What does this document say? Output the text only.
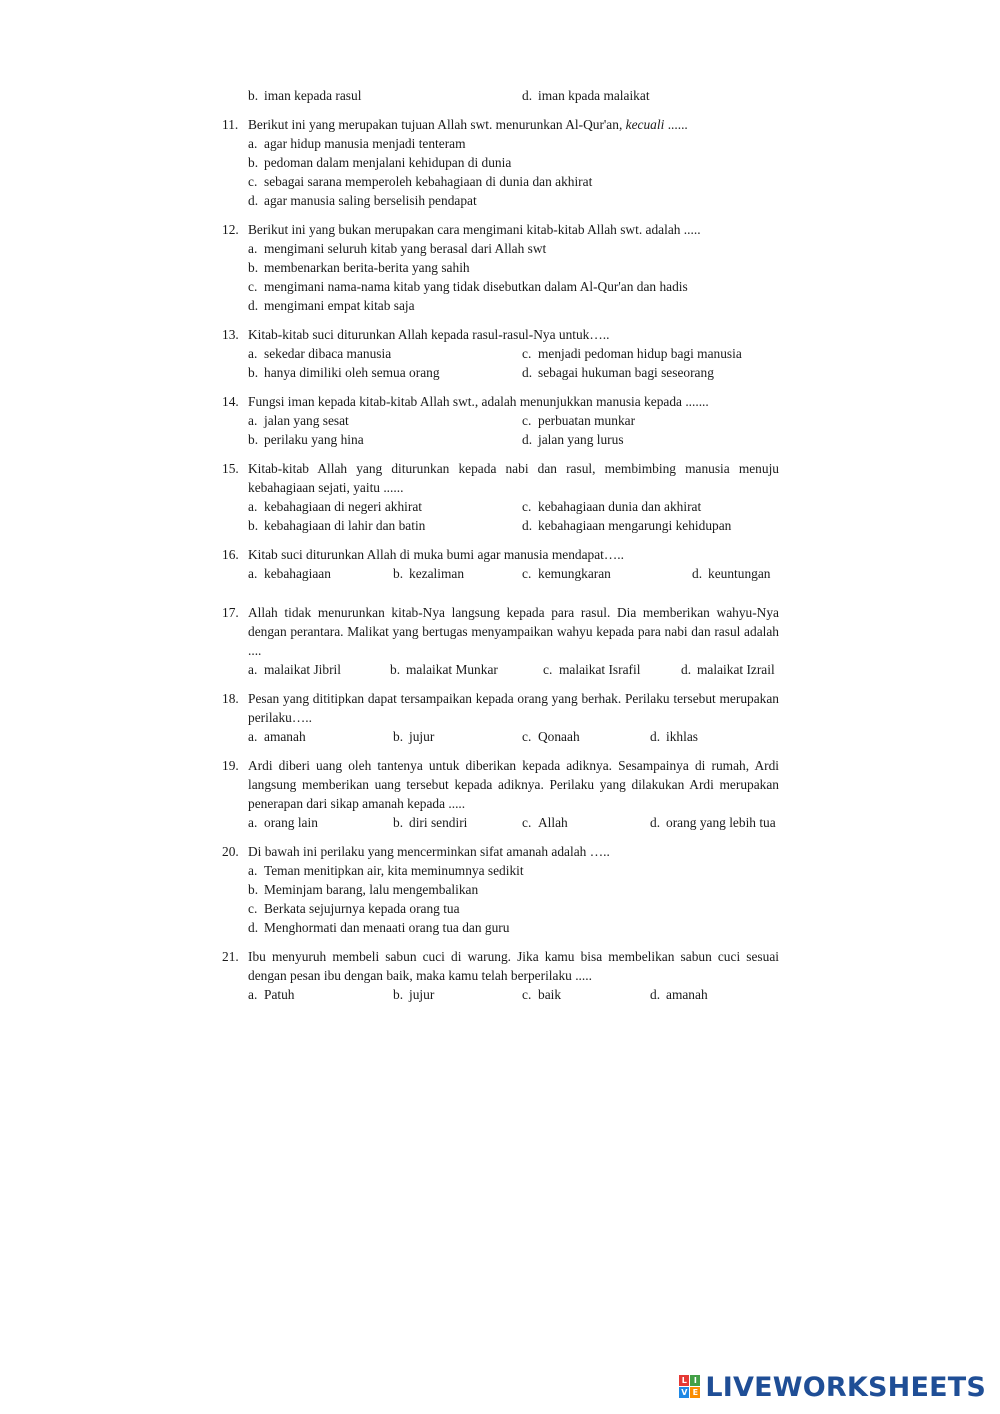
b. iman kepada rasul	d. iman kpada malaikat
11. Berikut ini yang merupakan tujuan Allah swt. menurunkan Al-Qur'an, kecuali ......
a. agar hidup manusia menjadi tenteram
b. pedoman dalam menjalani kehidupan di dunia
c. sebagai sarana memperoleh kebahagiaan di dunia dan akhirat
d. agar manusia saling berselisih pendapat
12. Berikut ini yang bukan merupakan cara mengimani kitab-kitab Allah swt. adalah .....
a. mengimani seluruh kitab yang berasal dari Allah swt
b. membenarkan berita-berita yang sahih
c. mengimani nama-nama kitab yang tidak disebutkan dalam Al-Qur'an dan hadis
d. mengimani empat kitab saja
13. Kitab-kitab suci diturunkan Allah kepada rasul-rasul-Nya untuk…..
a. sekedar dibaca manusia	c. menjadi pedoman hidup bagi manusia
b. hanya dimiliki oleh semua orang	d. sebagai hukuman bagi seseorang
14. Fungsi iman kepada kitab-kitab Allah swt., adalah menunjukkan manusia kepada .......
a. jalan yang sesat	c. perbuatan munkar
b. perilaku yang hina	d. jalan yang lurus
15. Kitab-kitab Allah yang diturunkan kepada nabi dan rasul, membimbing manusia menuju kebahagiaan sejati, yaitu ......
a. kebahagiaan di negeri akhirat	c. kebahagiaan dunia dan akhirat
b. kebahagiaan di lahir dan batin	d. kebahagiaan mengarungi kehidupan
16. Kitab suci diturunkan Allah di muka bumi agar manusia mendapat…..
a. kebahagiaan	b. kezaliman	c. kemungkaran	d. keuntungan
17. Allah tidak menurunkan kitab-Nya langsung kepada para rasul. Dia memberikan wahyu-Nya dengan perantara. Malikat yang bertugas menyampaikan wahyu kepada para nabi dan rasul adalah ....
a. malaikat Jibril	b. malaikat Munkar	c. malaikat Israfil	d. malaikat Izrail
18. Pesan yang dititipkan dapat tersampaikan kepada orang yang berhak. Perilaku tersebut merupakan perilaku…..
a. amanah	b. jujur	c. Qonaah	d. ikhlas
19. Ardi diberi uang oleh tantenya untuk diberikan kepada adiknya. Sesampainya di rumah, Ardi langsung memberikan uang tersebut kepada adiknya. Perilaku yang dilakukan Ardi merupakan penerapan dari sikap amanah kepada .....
a. orang lain	b. diri sendiri	c. Allah	d. orang yang lebih tua
20. Di bawah ini perilaku yang mencerminkan sifat amanah adalah …..
a. Teman menitipkan air, kita meminumnya sedikit
b. Meminjam barang, lalu mengembalikan
c. Berkata sejujurnya kepada orang tua
d. Menghormati dan menaati orang tua dan guru
21. Ibu menyuruh membeli sabun cuci di warung. Jika kamu bisa membelikan sabun cuci sesuai dengan pesan ibu dengan baik, maka kamu telah berperilaku .....
a. Patuh	b. jujur	c. baik	d. amanah
L I
V E LIVEWORKSHEETS
